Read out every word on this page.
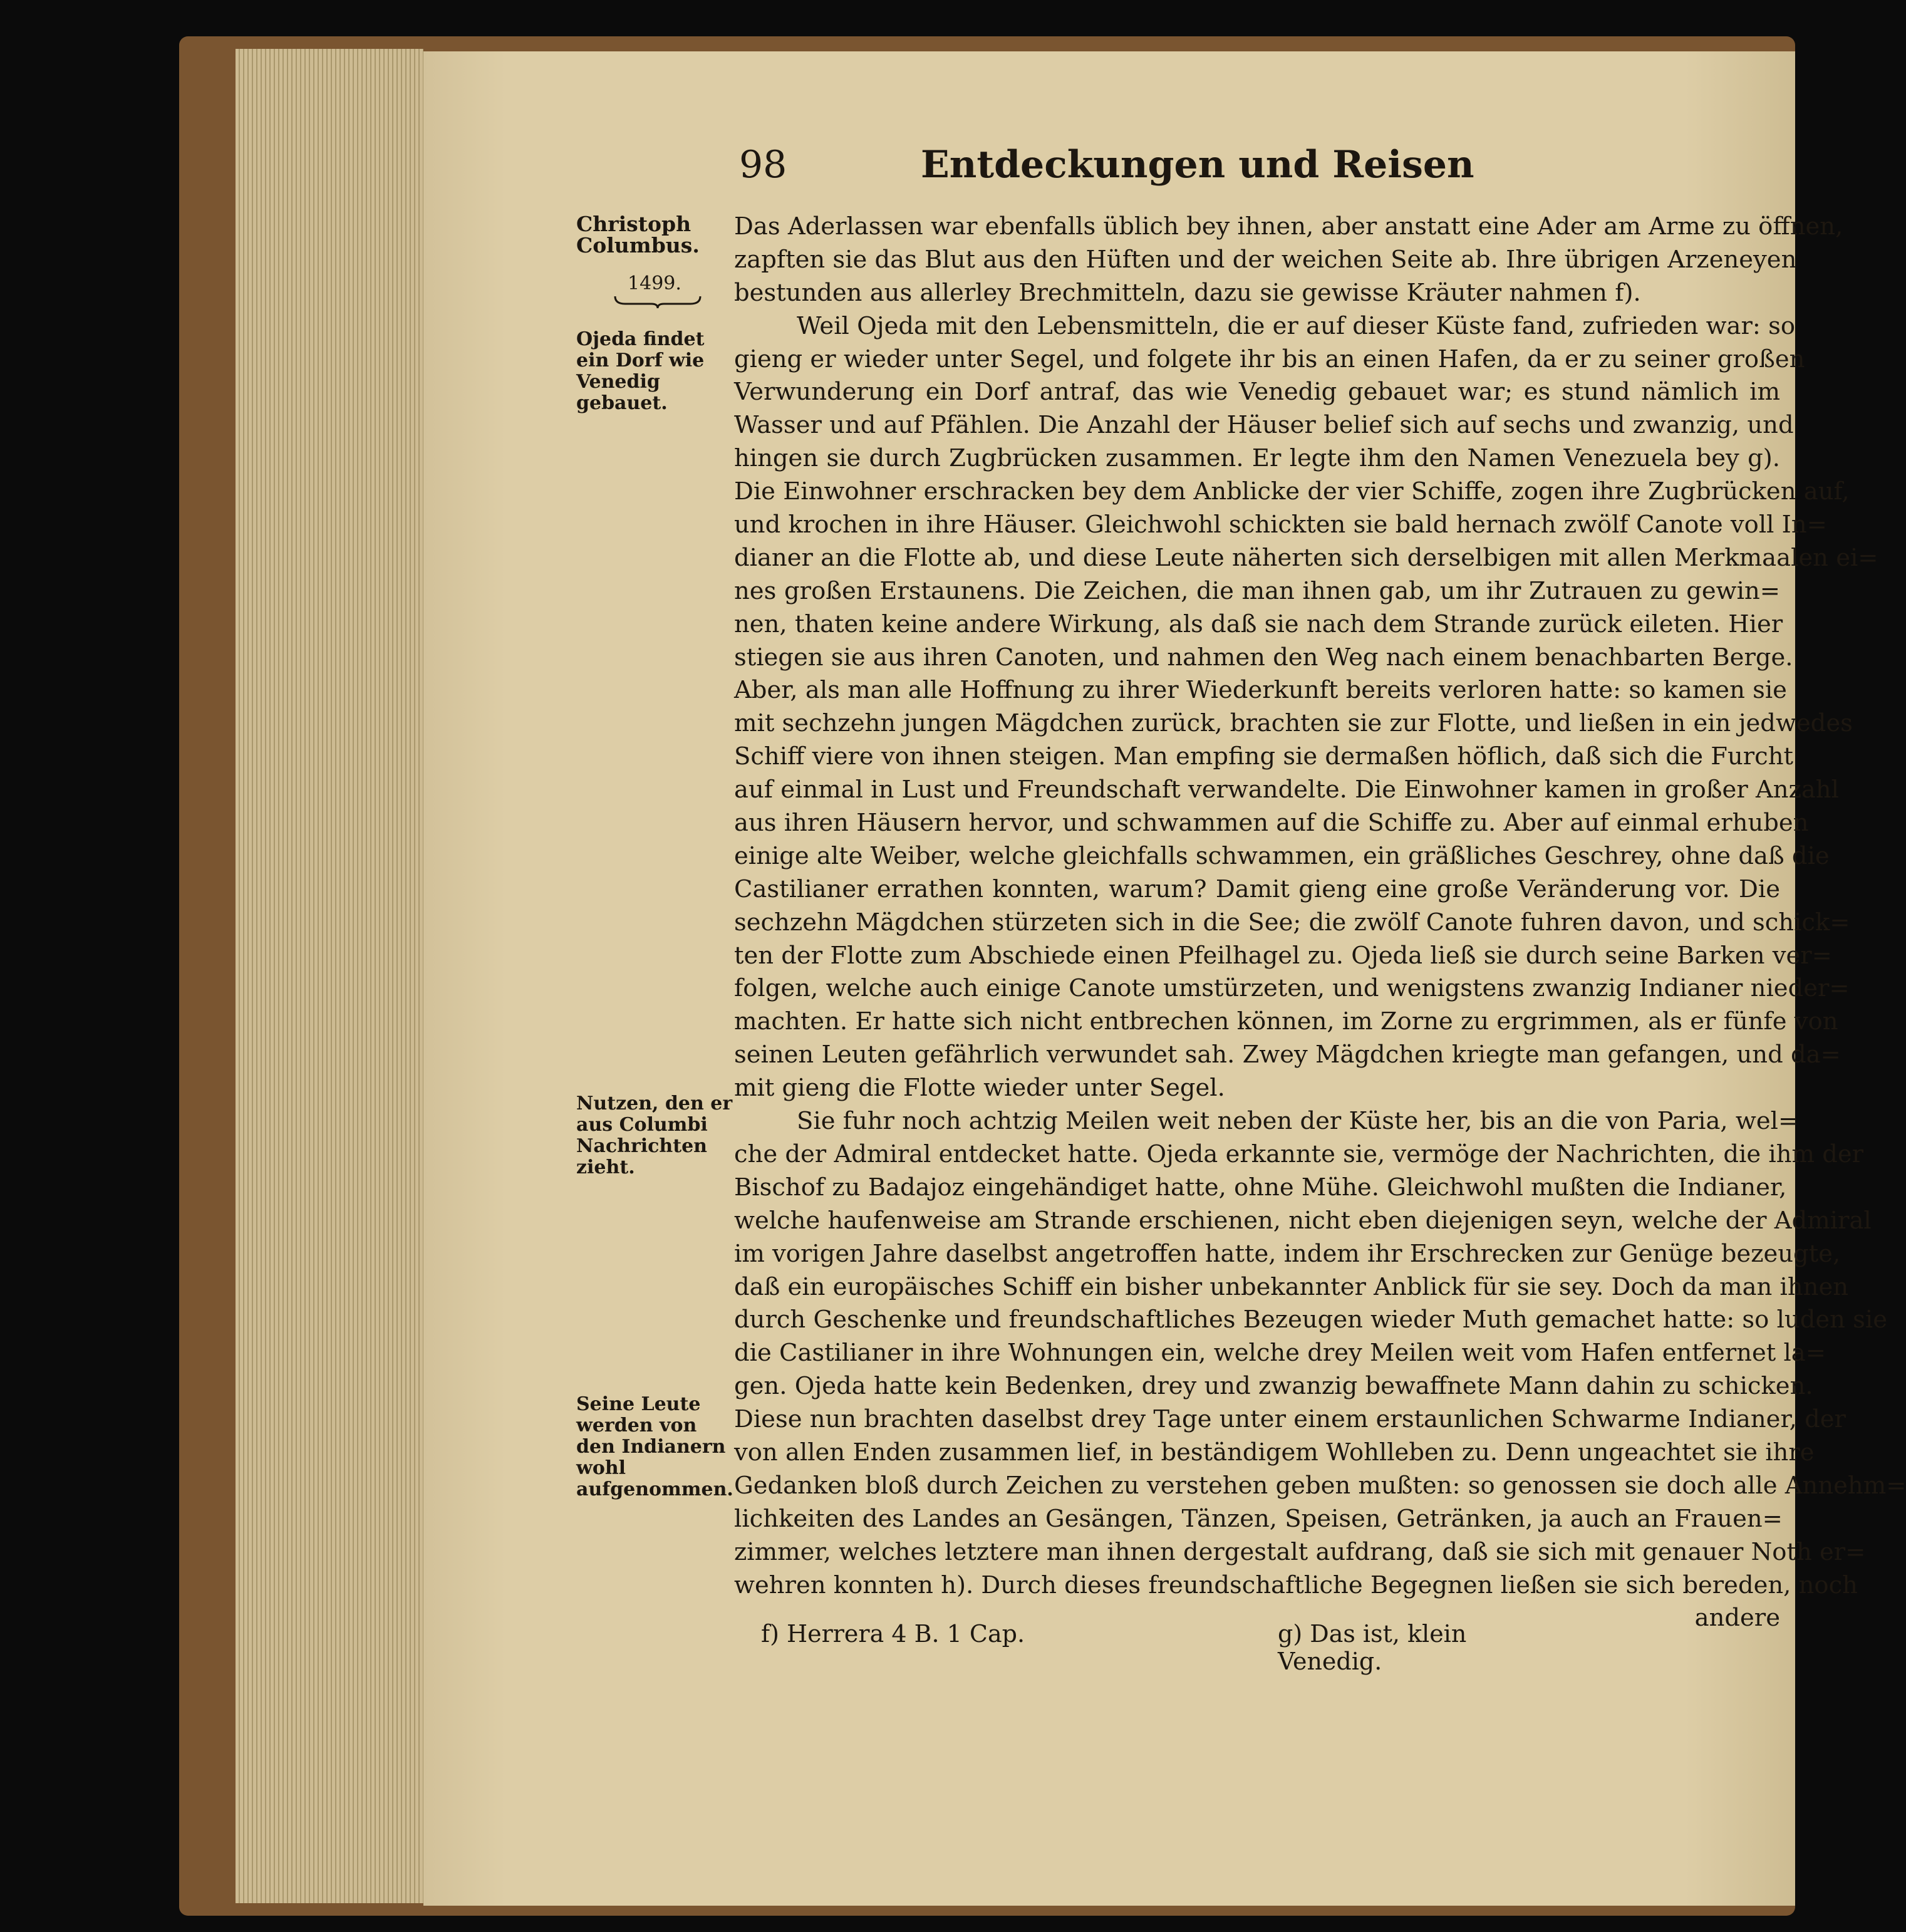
98	Entdeckungen und Reisen
Christoph Columbus.
1499.
Ojeda findet ein Dorf wie Venedig gebauet.
Nutzen, den er aus Columbi Nachrichten zieht.
Seine Leute werden von den Indianern wohl aufgenommen.
Das Aderlassen war ebenfalls üblich bey ihnen, aber anstatt eine Ader am Arme zu öffnen,
zapften sie das Blut aus den Hüften und der weichen Seite ab. Ihre übrigen Arzeneyen
bestunden aus allerley Brechmitteln, dazu sie gewisse Kräuter nahmen f).
Weil Ojeda mit den Lebensmitteln, die er auf dieser Küste fand, zufrieden war: so
gieng er wieder unter Segel, und folgete ihr bis an einen Hafen, da er zu seiner großen
Verwunderung ein Dorf antraf, das wie Venedig gebauet war; es stund nämlich im
Wasser und auf Pfählen. Die Anzahl der Häuser belief sich auf sechs und zwanzig, und
hingen sie durch Zugbrücken zusammen. Er legte ihm den Namen Venezuela bey g).
Die Einwohner erschracken bey dem Anblicke der vier Schiffe, zogen ihre Zugbrücken auf,
und krochen in ihre Häuser. Gleichwohl schickten sie bald hernach zwölf Canote voll In=
dianer an die Flotte ab, und diese Leute näherten sich derselbigen mit allen Merkmaalen ei=
nes großen Erstaunens. Die Zeichen, die man ihnen gab, um ihr Zutrauen zu gewin=
nen, thaten keine andere Wirkung, als daß sie nach dem Strande zurück eileten. Hier
stiegen sie aus ihren Canoten, und nahmen den Weg nach einem benachbarten Berge.
Aber, als man alle Hoffnung zu ihrer Wiederkunft bereits verloren hatte: so kamen sie
mit sechzehn jungen Mägdchen zurück, brachten sie zur Flotte, und ließen in ein jedwedes
Schiff viere von ihnen steigen. Man empfing sie dermaßen höflich, daß sich die Furcht
auf einmal in Lust und Freundschaft verwandelte. Die Einwohner kamen in großer Anzahl
aus ihren Häusern hervor, und schwammen auf die Schiffe zu. Aber auf einmal erhuben
einige alte Weiber, welche gleichfalls schwammen, ein gräßliches Geschrey, ohne daß die
Castilianer errathen konnten, warum? Damit gieng eine große Veränderung vor. Die
sechzehn Mägdchen stürzeten sich in die See; die zwölf Canote fuhren davon, und schick=
ten der Flotte zum Abschiede einen Pfeilhagel zu. Ojeda ließ sie durch seine Barken ver=
folgen, welche auch einige Canote umstürzeten, und wenigstens zwanzig Indianer nieder=
machten. Er hatte sich nicht entbrechen können, im Zorne zu ergrimmen, als er fünfe von
seinen Leuten gefährlich verwundet sah. Zwey Mägdchen kriegte man gefangen, und da=
mit gieng die Flotte wieder unter Segel.
Sie fuhr noch achtzig Meilen weit neben der Küste her, bis an die von Paria, wel=
che der Admiral entdecket hatte. Ojeda erkannte sie, vermöge der Nachrichten, die ihm der
Bischof zu Badajoz eingehändiget hatte, ohne Mühe. Gleichwohl mußten die Indianer,
welche haufenweise am Strande erschienen, nicht eben diejenigen seyn, welche der Admiral
im vorigen Jahre daselbst angetroffen hatte, indem ihr Erschrecken zur Genüge bezeugte,
daß ein europäisches Schiff ein bisher unbekannter Anblick für sie sey. Doch da man ihnen
durch Geschenke und freundschaftliches Bezeugen wieder Muth gemachet hatte: so luden sie
die Castilianer in ihre Wohnungen ein, welche drey Meilen weit vom Hafen entfernet la=
gen. Ojeda hatte kein Bedenken, drey und zwanzig bewaffnete Mann dahin zu schicken.
Diese nun brachten daselbst drey Tage unter einem erstaunlichen Schwarme Indianer, der
von allen Enden zusammen lief, in beständigem Wohlleben zu. Denn ungeachtet sie ihre
Gedanken bloß durch Zeichen zu verstehen geben mußten: so genossen sie doch alle Annehm=
lichkeiten des Landes an Gesängen, Tänzen, Speisen, Getränken, ja auch an Frauen=
zimmer, welches letztere man ihnen dergestalt aufdrang, daß sie sich mit genauer Noth er=
wehren konnten h). Durch dieses freundschaftliche Begegnen ließen sie sich bereden, noch
andere
f) Herrera 4 B. 1 Cap.	g) Das ist, klein Venedig.
